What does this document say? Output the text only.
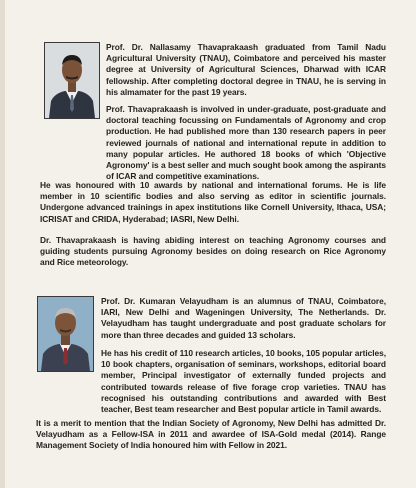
Prof. Dr. Nallasamy Thavaprakaash graduated from Tamil Nadu Agricultural University (TNAU), Coimbatore and perceived his master degree at University of Agricultural Sciences, Dharwad with ICAR fellowship. After completing doctoral degree in TNAU, he is serving in his almamater for the past 19 years.

Prof. Thavaprakaash is involved in under-graduate, post-graduate and doctoral teaching focussing on Fundamentals of Agronomy and crop production. He had published more than 130 research papers in peer reviewed journals of national and international repute in addition to many popular articles. He authored 18 books of which 'Objective Agronomy' is a best seller and much sought book among the aspirants of ICAR and competitive examinations.

He was honoured with 10 awards by national and international forums. He is life member in 10 scientific bodies and also serving as editor in scientific journals. Undergone advanced trainings in apex institutions like Cornell University, Ithaca, USA; ICRISAT and CRIDA, Hyderabad; IASRI, New Delhi.

Dr. Thavaprakaash is having abiding interest on teaching Agronomy courses and guiding students pursuing Agronomy besides on doing research on Rice Agronomy and Rice meteorology.

Prof. Dr. Kumaran Velayudham is an alumnus of TNAU, Coimbatore, IARI, New Delhi and Wageningen University, The Netherlands. Dr. Velayudham has taught undergraduate and post graduate scholars for more than three decades and guided 13 scholars.

He has his credit of 110 research articles, 10 books, 105 popular articles, 10 book chapters, organisation of seminars, workshops, editorial board member, Principal investigator of externally funded projects and contributed towards release of five forage crop varieties. TNAU has recognised his outstanding contributions and awarded with Best teacher, Best team researcher and Best popular article in Tamil awards.

It is a merit to mention that the Indian Society of Agronomy, New Delhi has admitted Dr. Velayudham as a Fellow-ISA in 2011 and awardee of ISA-Gold medal (2014). Range Management Society of India honoured him with Fellow in 2021.
